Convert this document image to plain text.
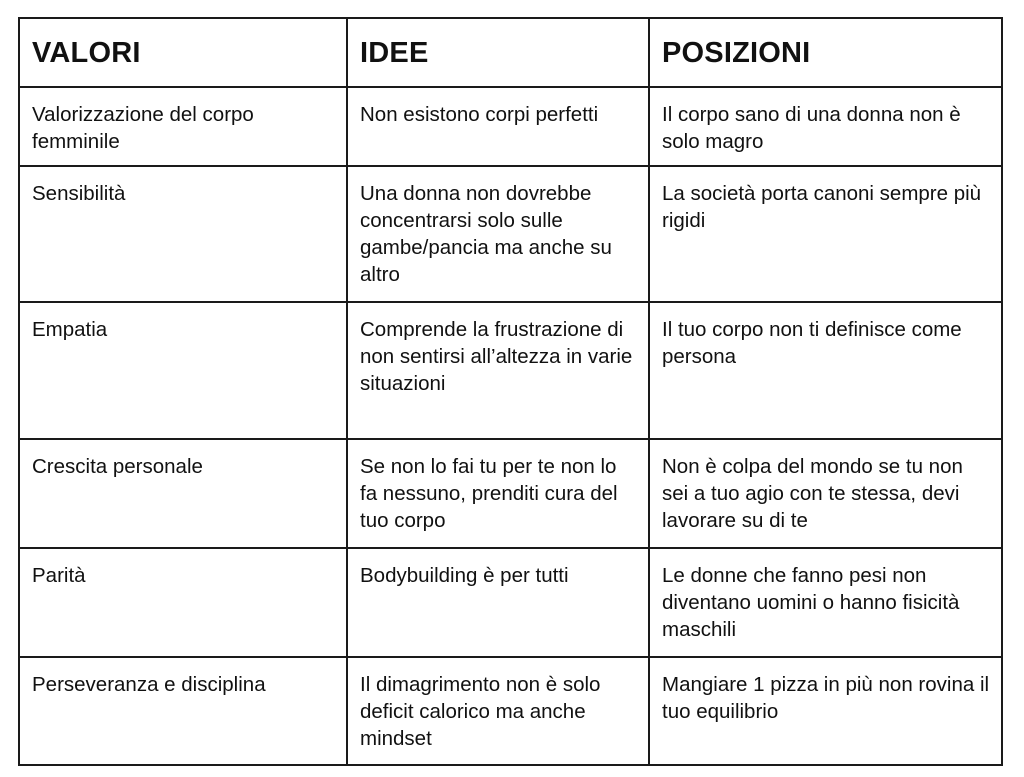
VALORI	IDEE	POSIZIONI
Valorizzazione del corpo femminile	Non esistono corpi perfetti	Il corpo sano di una donna non è solo magro
Sensibilità	Una donna non dovrebbe concentrarsi solo sulle gambe/pancia ma anche su altro	La società porta canoni sempre più rigidi
Empatia	Comprende la frustrazione di non sentirsi all’altezza in varie situazioni	Il tuo corpo non ti definisce come persona
Crescita personale	Se non lo fai tu per te non lo fa nessuno, prenditi cura del tuo corpo	Non è colpa del mondo se tu non sei a tuo agio con te stessa, devi lavorare su di te
Parità	Bodybuilding è per tutti	Le donne che fanno pesi non diventano uomini o hanno fisicità maschili
Perseveranza e disciplina	Il dimagrimento non è solo deficit calorico ma anche mindset	Mangiare 1 pizza in più non rovina il tuo equilibrio
